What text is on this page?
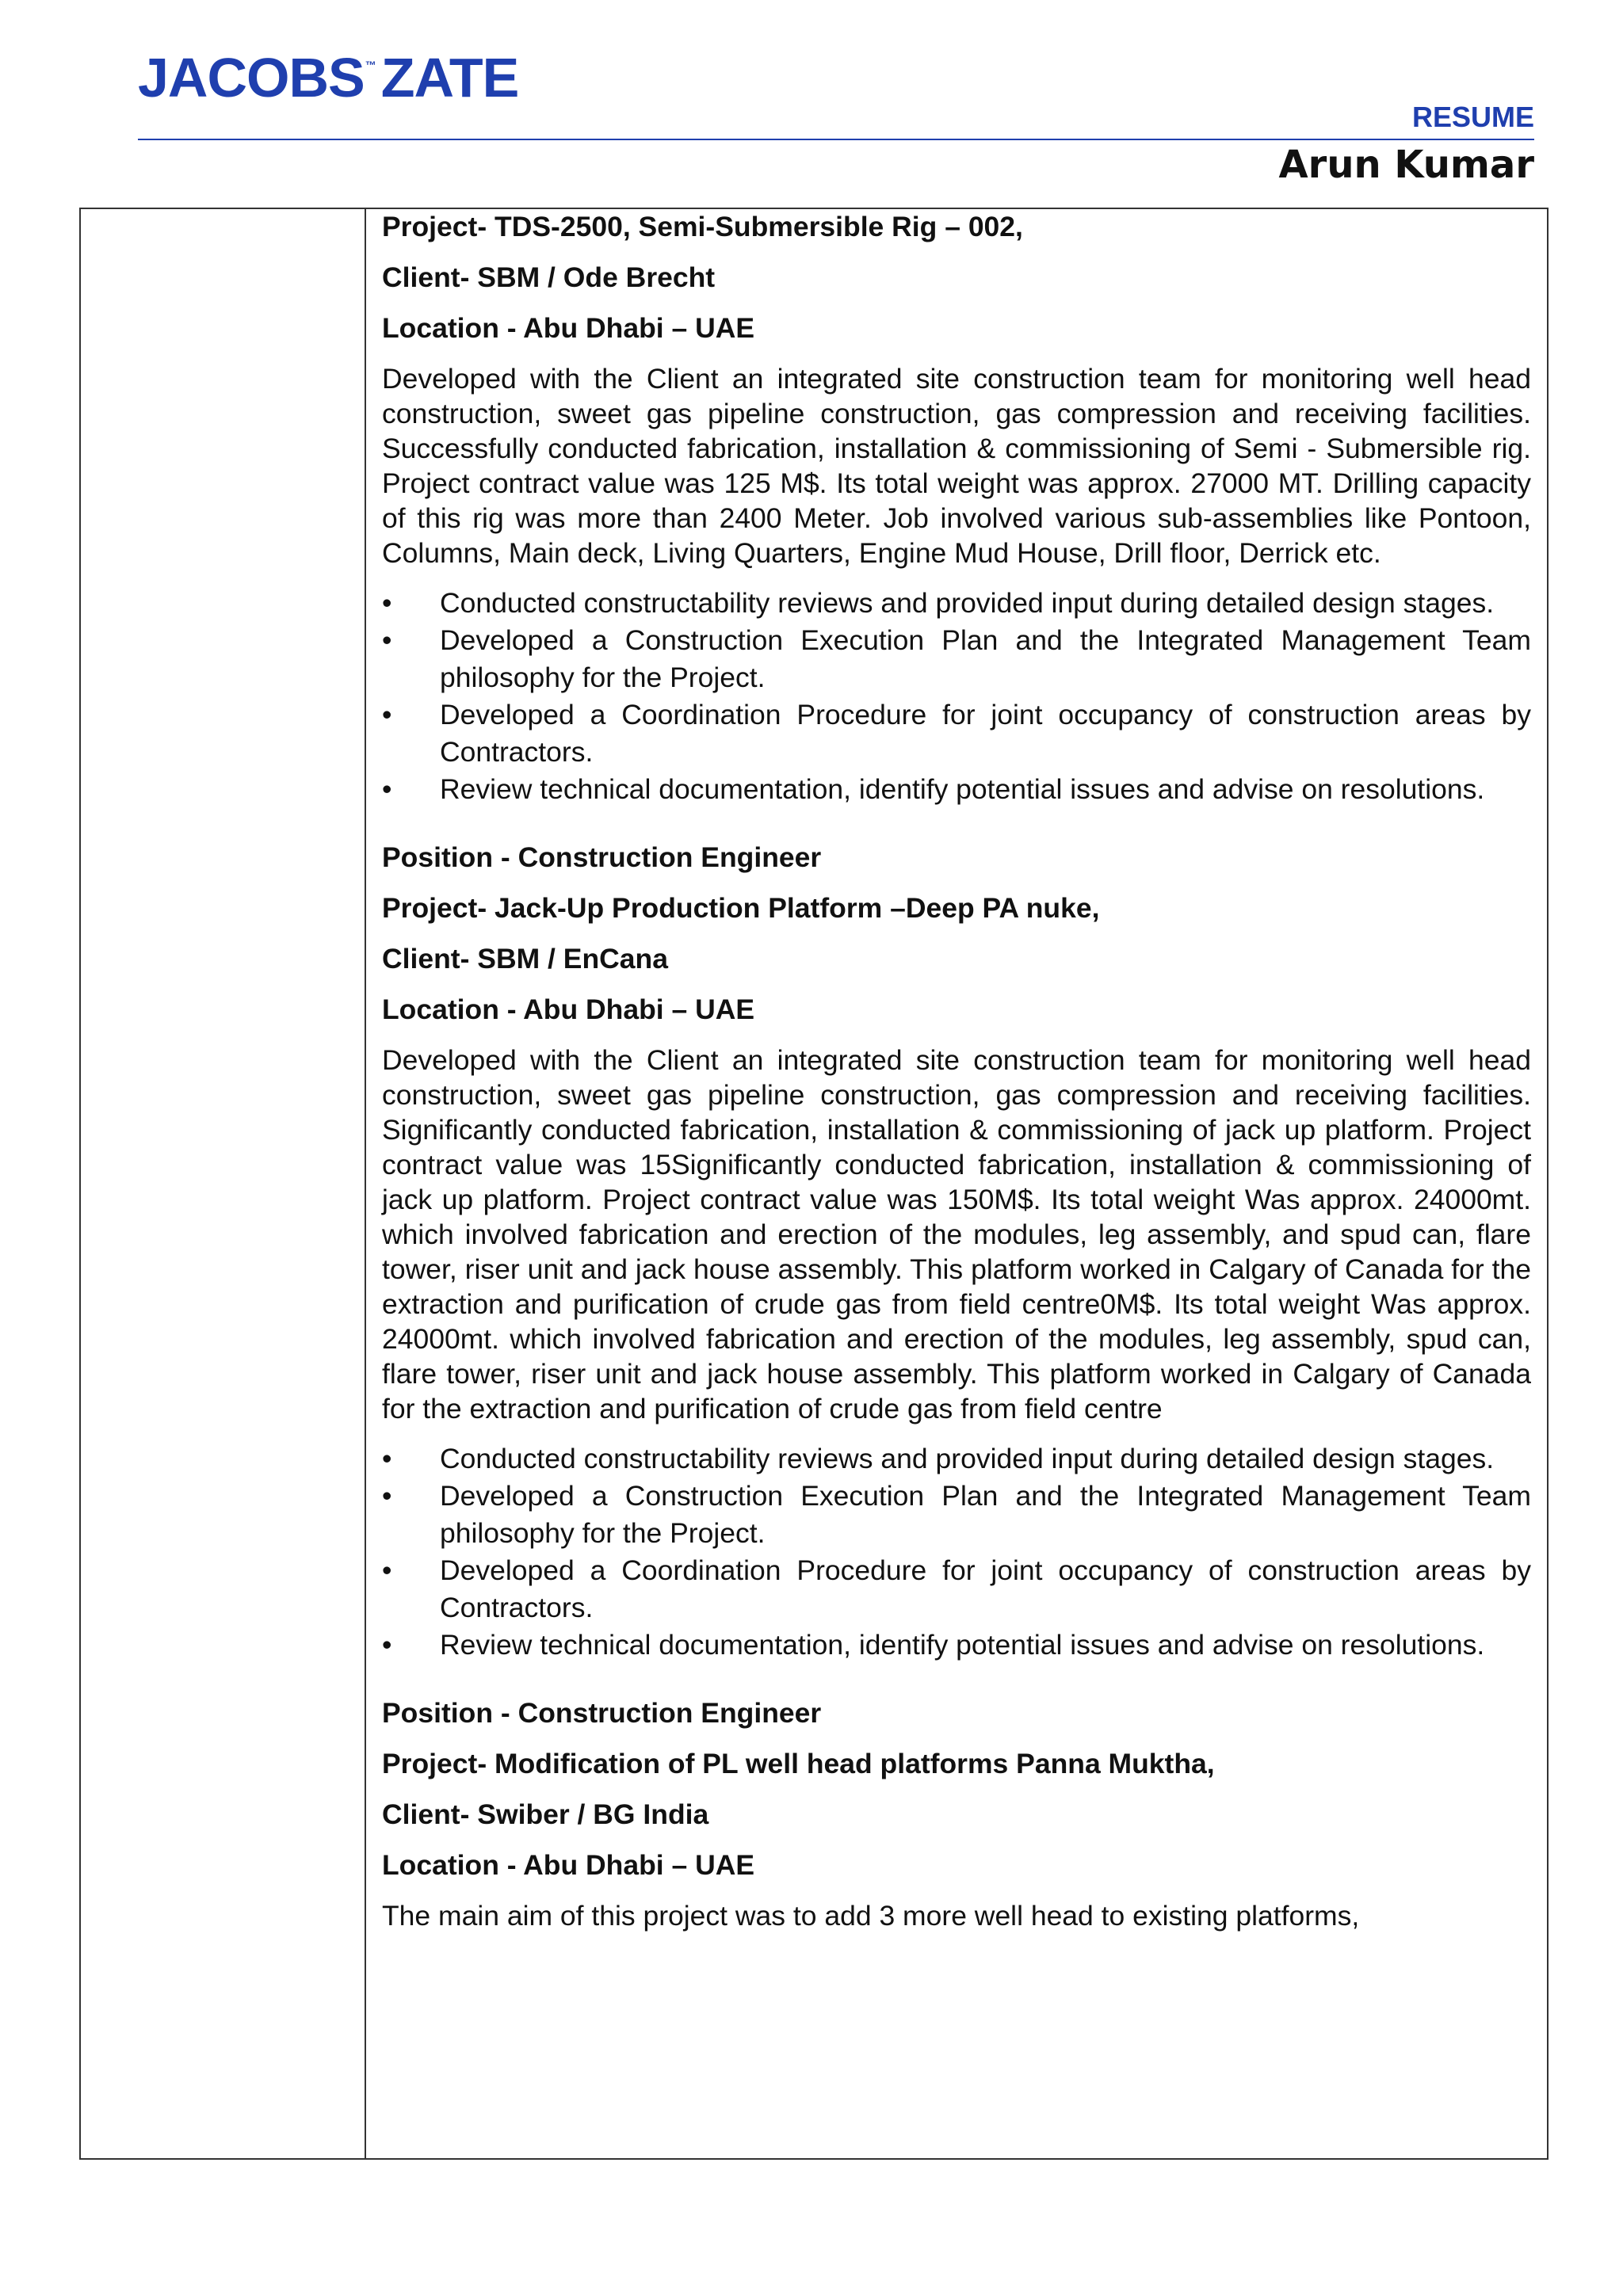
JACOBS™ZATE
RESUME
Arun Kumar

Project- TDS-2500, Semi-Submersible Rig – 002,

Client- SBM / Ode Brecht

Location - Abu Dhabi – UAE

Developed with the Client an integrated site construction team for monitoring well head construction, sweet gas pipeline construction, gas compression and receiving facilities. Successfully conducted fabrication, installation & commissioning of Semi - Submersible rig. Project contract value was 125 M$. Its total weight was approx. 27000 MT. Drilling capacity of this rig was more than 2400 Meter. Job involved various sub-assemblies like Pontoon, Columns, Main deck, Living Quarters, Engine Mud House, Drill floor, Derrick etc.

• Conducted constructability reviews and provided input during detailed design stages.
• Developed a Construction Execution Plan and the Integrated Management Team philosophy for the Project.
• Developed a Coordination Procedure for joint occupancy of construction areas by Contractors.
• Review technical documentation, identify potential issues and advise on resolutions.

Position - Construction Engineer

Project- Jack-Up Production Platform –Deep PA nuke,

Client- SBM / EnCana

Location - Abu Dhabi – UAE

Developed with the Client an integrated site construction team for monitoring well head construction, sweet gas pipeline construction, gas compression and receiving facilities. Significantly conducted fabrication, installation & commissioning of jack up platform. Project contract value was 15Significantly conducted fabrication, installation & commissioning of jack up platform. Project contract value was 150M$. Its total weight Was approx. 24000mt. which involved fabrication and erection of the modules, leg assembly, and spud can, flare tower, riser unit and jack house assembly. This platform worked in Calgary of Canada for the extraction and purification of crude gas from field centre0M$. Its total weight Was approx. 24000mt. which involved fabrication and erection of the modules, leg assembly, spud can, flare tower, riser unit and jack house assembly. This platform worked in Calgary of Canada for the extraction and purification of crude gas from field centre

• Conducted constructability reviews and provided input during detailed design stages.
• Developed a Construction Execution Plan and the Integrated Management Team philosophy for the Project.
• Developed a Coordination Procedure for joint occupancy of construction areas by Contractors.
• Review technical documentation, identify potential issues and advise on resolutions.

Position - Construction Engineer

Project- Modification of PL well head platforms Panna Muktha,

Client- Swiber / BG India

Location - Abu Dhabi – UAE

The main aim of this project was to add 3 more well head to existing platforms,
